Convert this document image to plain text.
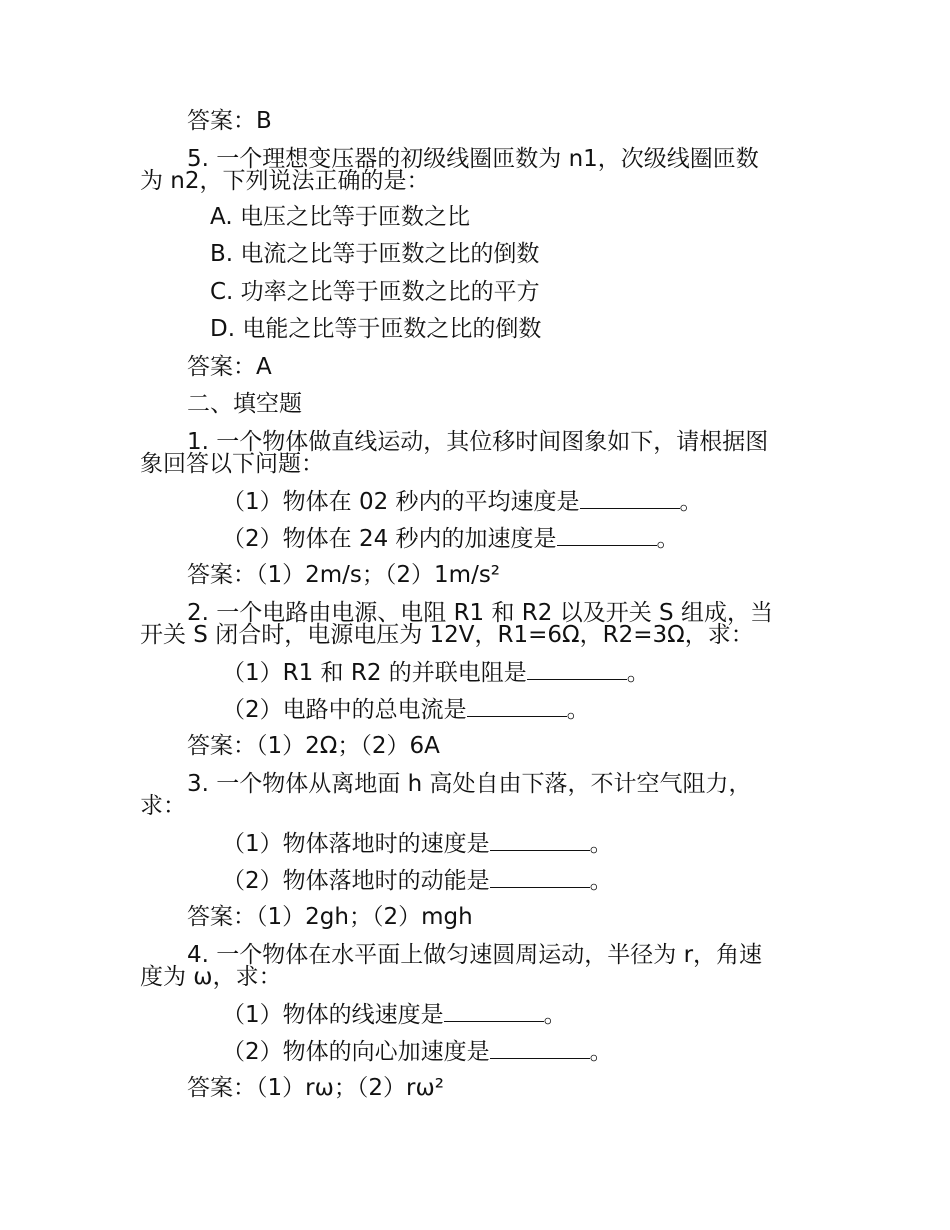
答案：B
5. 一个理想变压器的初级线圈匝数为 n1，次级线圈匝数
为 n2，下列说法正确的是：
A. 电压之比等于匝数之比
B. 电流之比等于匝数之比的倒数
C. 功率之比等于匝数之比的平方
D. 电能之比等于匝数之比的倒数
答案：A
二、填空题
1. 一个物体做直线运动，其位移时间图象如下，请根据图
象回答以下问题：
（1）物体在 02 秒内的平均速度是	。
（2）物体在 24 秒内的加速度是	。
答案：（1）2m/s；（2）1m/s²
2. 一个电路由电源、电阻 R1 和 R2 以及开关 S 组成，当
开关 S 闭合时，电源电压为 12V，R1=6Ω，R2=3Ω，求：
（1）R1 和 R2 的并联电阻是	。
（2）电路中的总电流是	。
答案：（1）2Ω；（2）6A
3. 一个物体从离地面 h 高处自由下落，不计空气阻力，
求：
（1）物体落地时的速度是	。
（2）物体落地时的动能是	。
答案：（1）2gh；（2）mgh
4. 一个物体在水平面上做匀速圆周运动，半径为 r，角速
度为 ω，求：
（1）物体的线速度是	。
（2）物体的向心加速度是	。
答案：（1）rω；（2）rω²
